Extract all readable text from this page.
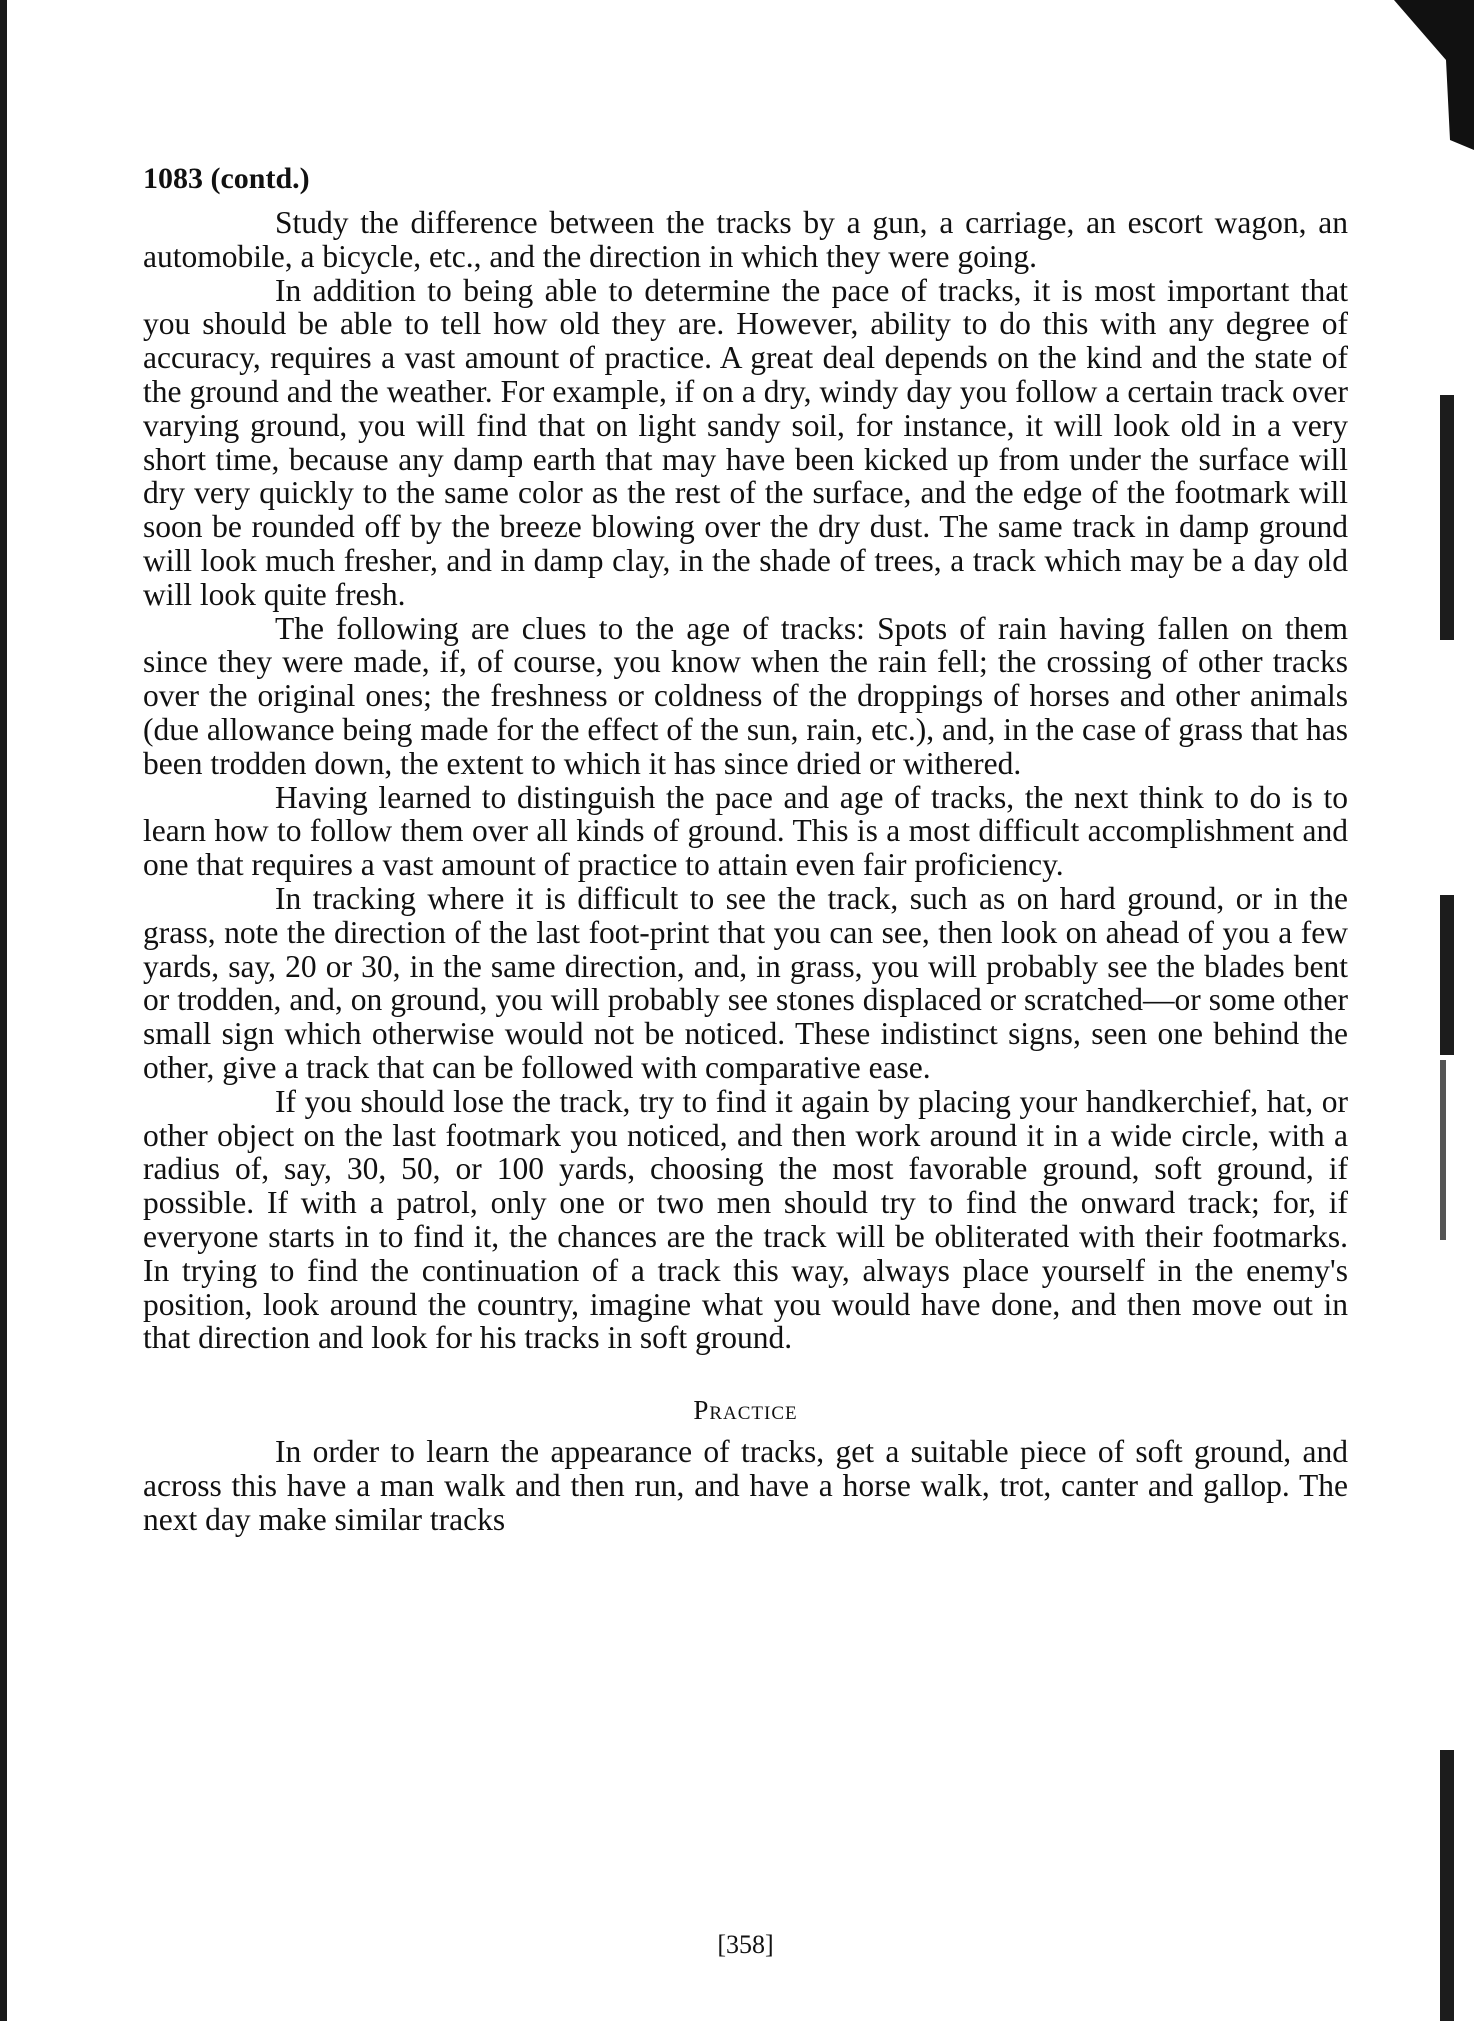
1083 (contd.)

Study the difference between the tracks by a gun, a carriage, an escort wagon, an automobile, a bicycle, etc., and the direction in which they were going.

In addition to being able to determine the pace of tracks, it is most important that you should be able to tell how old they are. However, ability to do this with any degree of accuracy, requires a vast amount of practice. A great deal depends on the kind and the state of the ground and the weather. For example, if on a dry, windy day you follow a certain track over varying ground, you will find that on light sandy soil, for instance, it will look old in a very short time, because any damp earth that may have been kicked up from under the surface will dry very quickly to the same color as the rest of the surface, and the edge of the footmark will soon be rounded off by the breeze blowing over the dry dust. The same track in damp ground will look much fresher, and in damp clay, in the shade of trees, a track which may be a day old will look quite fresh.

The following are clues to the age of tracks: Spots of rain having fallen on them since they were made, if, of course, you know when the rain fell; the crossing of other tracks over the original ones; the freshness or coldness of the droppings of horses and other animals (due allowance being made for the effect of the sun, rain, etc.), and, in the case of grass that has been trodden down, the extent to which it has since dried or withered.

Having learned to distinguish the pace and age of tracks, the next think to do is to learn how to follow them over all kinds of ground. This is a most difficult accomplishment and one that requires a vast amount of practice to attain even fair proficiency.

In tracking where it is difficult to see the track, such as on hard ground, or in the grass, note the direction of the last foot-print that you can see, then look on ahead of you a few yards, say, 20 or 30, in the same direction, and, in grass, you will probably see the blades bent or trodden, and, on ground, you will probably see stones displaced or scratched—or some other small sign which otherwise would not be noticed. These indistinct signs, seen one behind the other, give a track that can be followed with comparative ease.

If you should lose the track, try to find it again by placing your handkerchief, hat, or other object on the last footmark you noticed, and then work around it in a wide circle, with a radius of, say, 30, 50, or 100 yards, choosing the most favorable ground, soft ground, if possible. If with a patrol, only one or two men should try to find the onward track; for, if everyone starts in to find it, the chances are the track will be obliterated with their footmarks. In trying to find the continuation of a track this way, always place yourself in the enemy's position, look around the country, imagine what you would have done, and then move out in that direction and look for his tracks in soft ground.

Practice

In order to learn the appearance of tracks, get a suitable piece of soft ground, and across this have a man walk and then run, and have a horse walk, trot, canter and gallop. The next day make similar tracks

[358]
